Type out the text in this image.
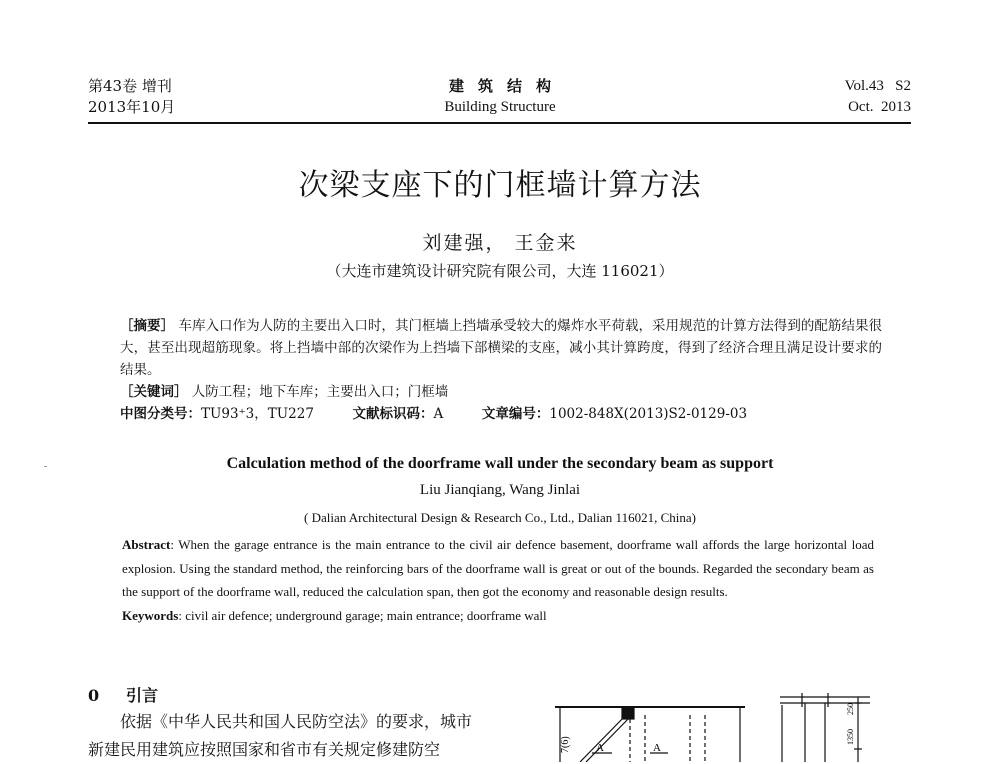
第43卷 增刊
2013年10月
建筑结构
Building Structure
Vol.43   S2
Oct.  2013
次梁支座下的门框墙计算方法
刘建强， 王金来
（大连市建筑设计研究院有限公司，大连 116021）
［摘要］ 车库入口作为人防的主要出入口时，其门框墙上挡墙承受较大的爆炸水平荷载，采用规范的计算方法得到的配筋结果很大，甚至出现超筋现象。将上挡墙中部的次梁作为上挡墙下部横梁的支座，减小其计算跨度，得到了经济合理且满足设计要求的结果。
［关键词］ 人防工程；地下车库；主要出入口；门框墙
中图分类号：TU93⁺3，TU227	文献标识码：A	文章编号：1002-848X(2013)S2-0129-03
Calculation method of the doorframe wall under the secondary beam as support
Liu Jianqiang, Wang Jinlai
( Dalian Architectural Design & Research Co., Ltd., Dalian 116021, China)
Abstract: When the garage entrance is the main entrance to the civil air defence basement, doorframe wall affords the large horizontal load explosion. Using the standard method, the reinforcing bars of the doorframe wall is great or out of the bounds. Regarded the secondary beam as the support of the doorframe wall, reduced the calculation span, then got the economy and reasonable design results.
Keywords: civil air defence; underground garage; main entrance; doorframe wall
0 引言

依据《中华人民共和国人民防空法》的要求，城市

新建民用建筑应按照国家和省市有关规定修建防空	A	A
7(6)	1350
250
